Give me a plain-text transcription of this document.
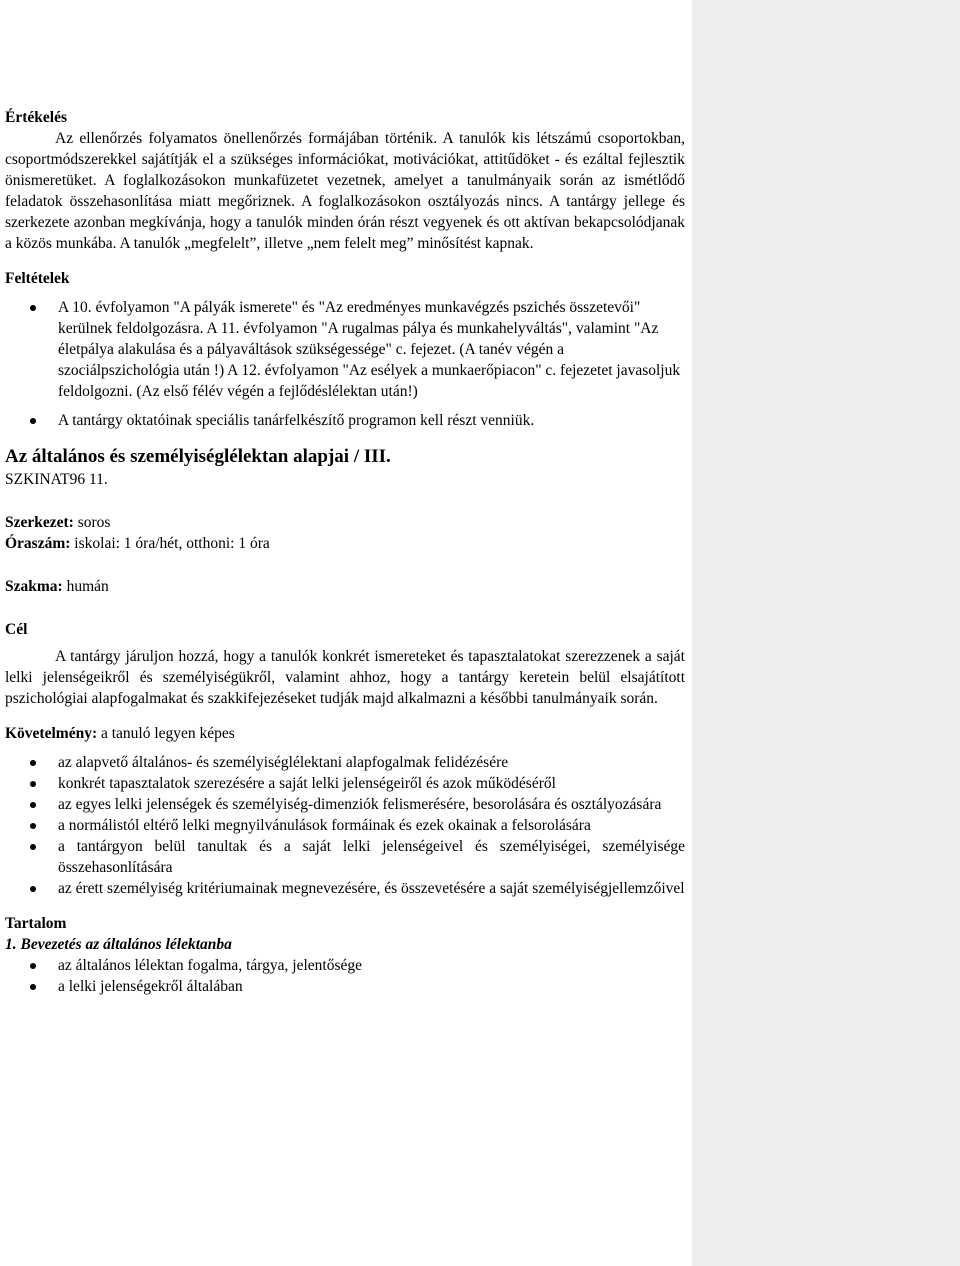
Értékelés

Az ellenőrzés folyamatos önellenőrzés formájában történik. A tanulók kis létszámú csoportokban, csoportmódszerekkel sajátítják el a szükséges információkat, motivációkat, attitűdöket - és ezáltal fejlesztik önismeretüket. A foglalkozásokon munkafüzetet vezetnek, amelyet a tanulmányaik során az ismétlődő feladatok összehasonlítása miatt megőriznek. A foglalkozásokon osztályozás nincs. A tantárgy jellege és szerkezete azonban megkívánja, hogy a tanulók minden órán részt vegyenek és ott aktívan bekapcsolódjanak a közös munkába. A tanulók „megfelelt”, illetve „nem felelt meg” minősítést kapnak.

Feltételek

A 10. évfolyamon "A pályák ismerete" és "Az eredményes munkavégzés pszichés összetevői" kerülnek feldolgozásra. A 11. évfolyamon "A rugalmas pálya és munkahelyváltás", valamint "Az életpálya alakulása és a pályaváltások szükségessége" c. fejezet. (A tanév végén a szociálpszichológia után !) A 12. évfolyamon "Az esélyek a munkaerőpiacon" c. fejezetet javasoljuk feldolgozni. (Az első félév végén a fejlődéslélektan után!)
A tantárgy oktatóinak speciális tanárfelkészítő programon kell részt venniük.

Az általános és személyiséglélektan alapjai / III.

SZKINAT96 11.

Szerkezet: soros

Óraszám: iskolai: 1 óra/hét, otthoni: 1 óra

Szakma: humán

Cél

A tantárgy járuljon hozzá, hogy a tanulók konkrét ismereteket és tapasztalatokat szerezzenek a saját lelki jelenségeikről és személyiségükről, valamint ahhoz, hogy a tantárgy keretein belül elsajátított pszichológiai alapfogalmakat és szakkifejezéseket tudják majd alkalmazni a későbbi tanulmányaik során.

Követelmény: a tanuló legyen képes

az alapvető általános- és személyiséglélektani alapfogalmak felidézésére
konkrét tapasztalatok szerezésére a saját lelki jelenségeiről és azok működéséről
az egyes lelki jelenségek és személyiség-dimenziók felismerésére, besorolására és osztályozására
a normálistól eltérő lelki megnyilvánulások formáinak és ezek okainak a felsorolására
a tantárgyon belül tanultak és a saját lelki jelenségeivel és személyiségei, személyisége összehasonlítására
az érett személyiség kritériumainak megnevezésére, és összevetésére a saját személyiségjellemzőivel

Tartalom

1. Bevezetés az általános lélektanba

az általános lélektan fogalma, tárgya, jelentősége
a lelki jelenségekről általában
